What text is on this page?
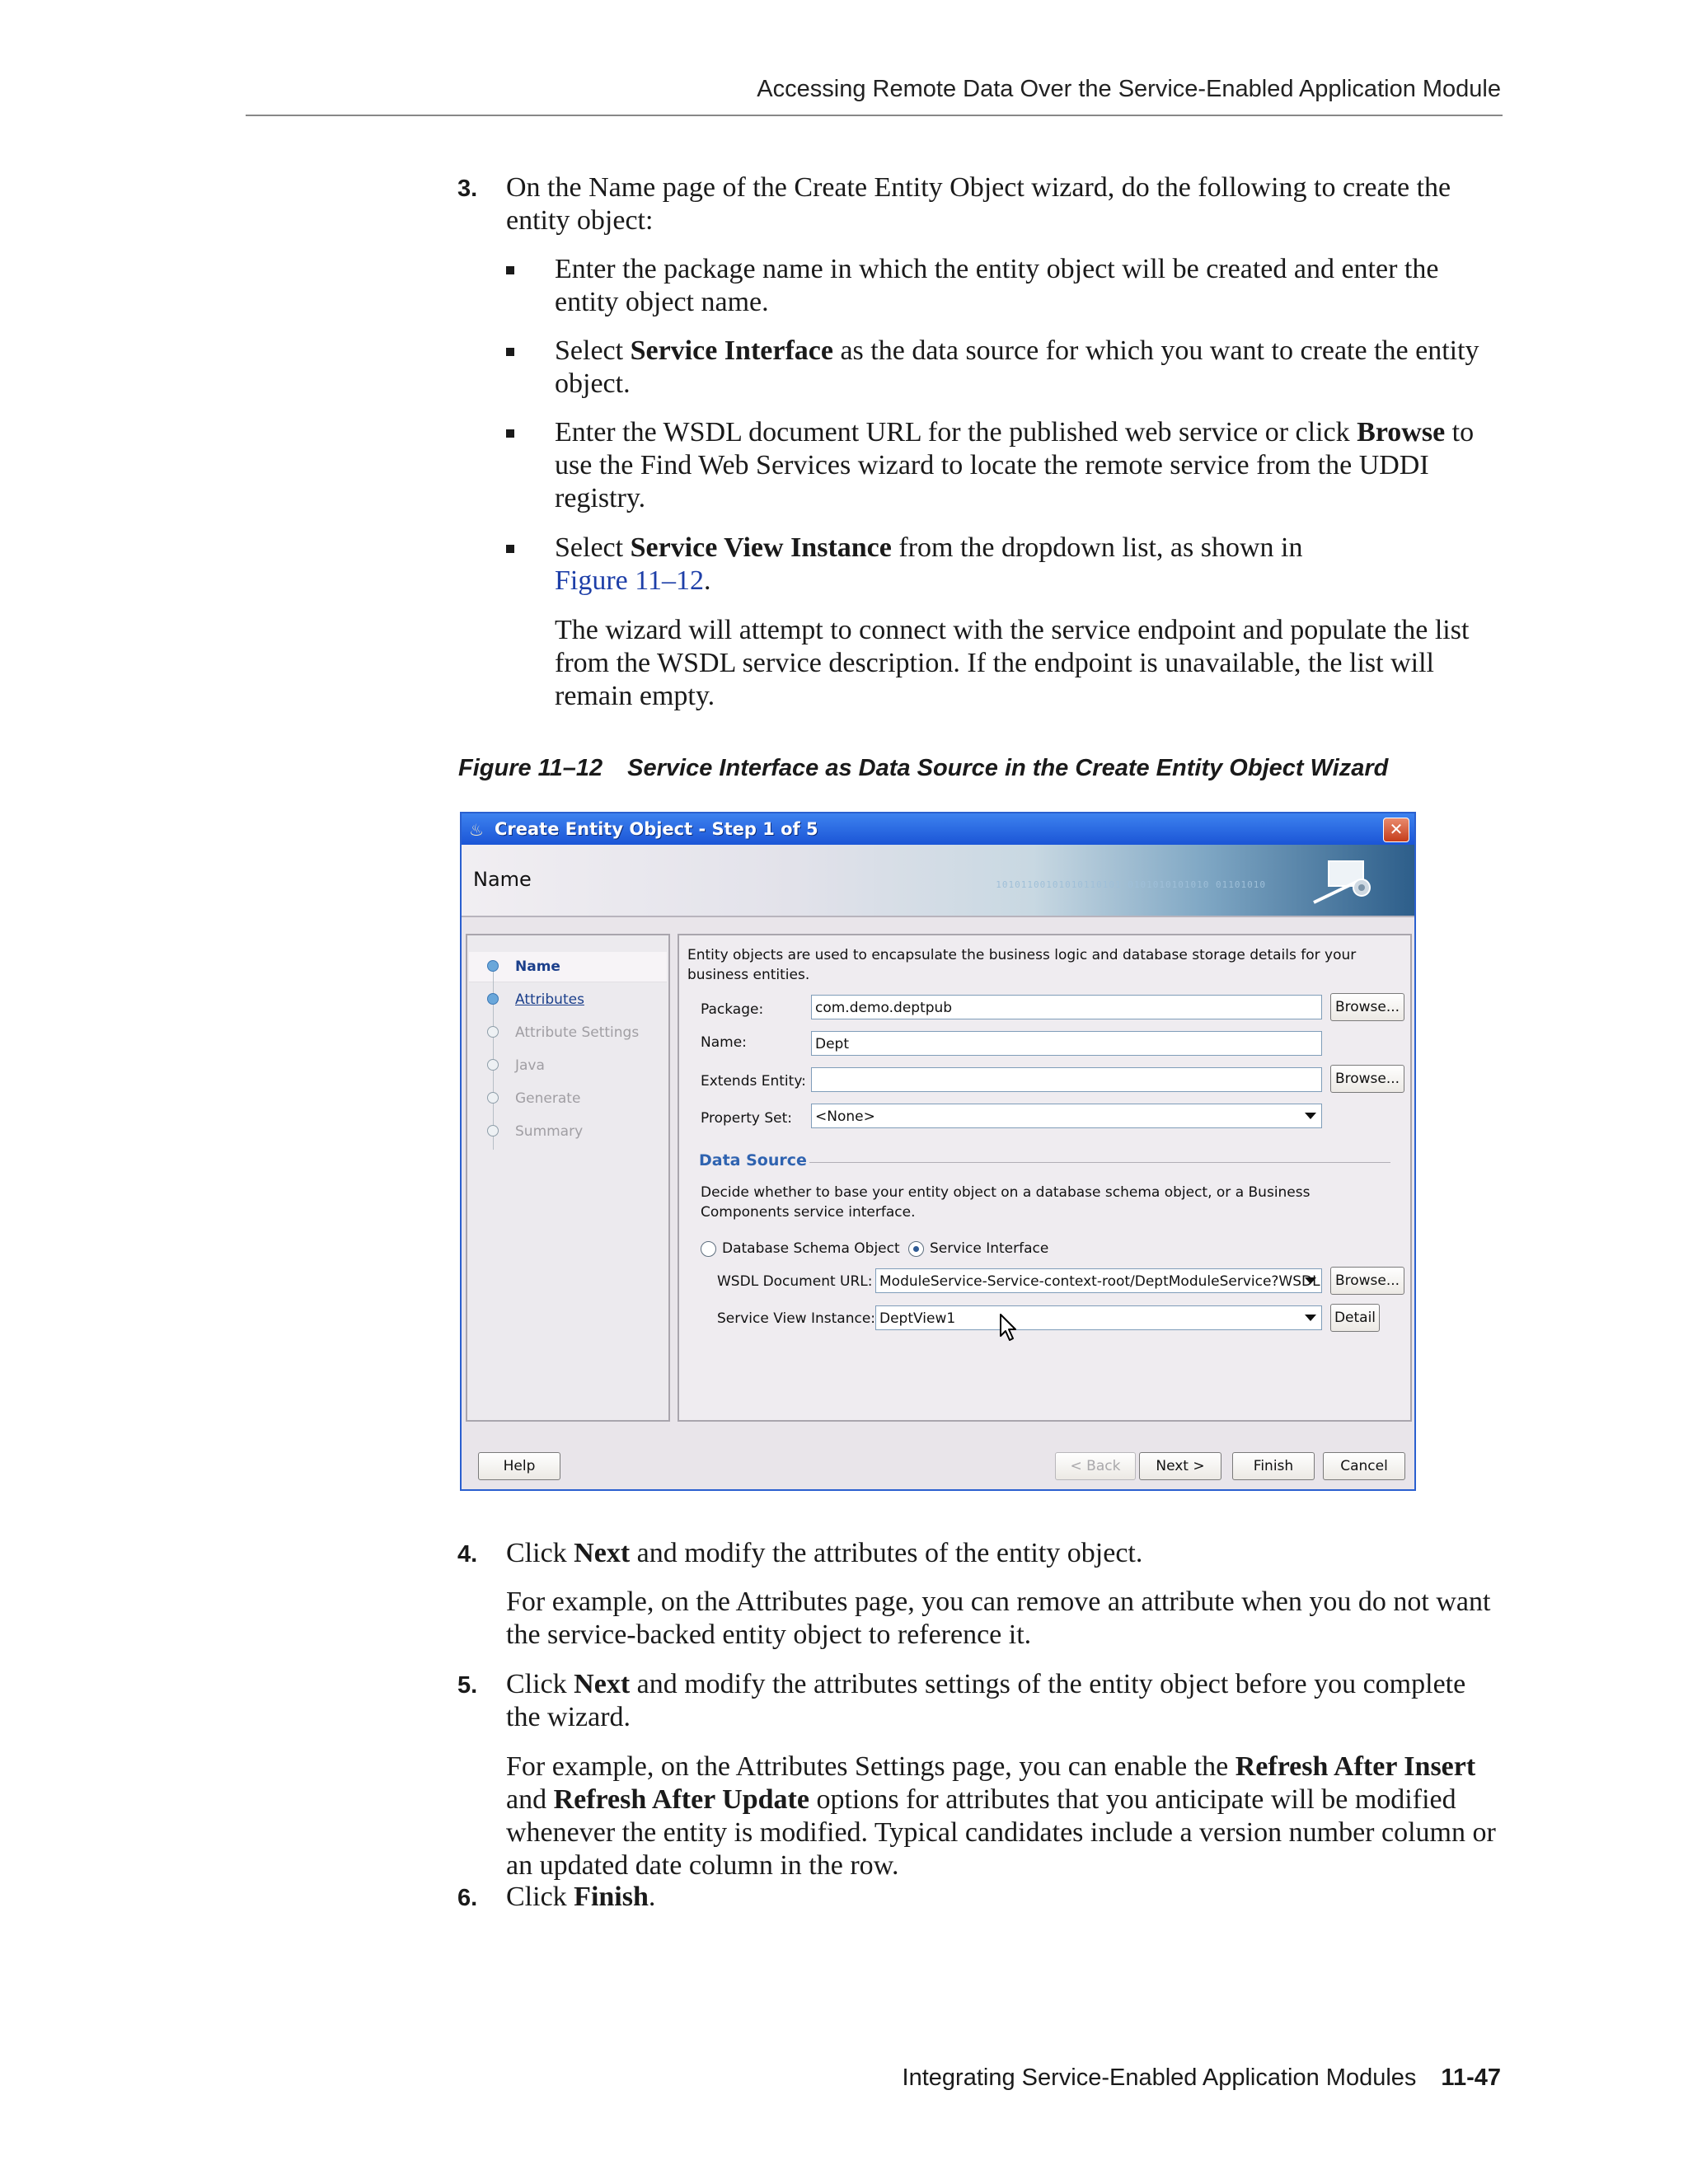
Accessing Remote Data Over the Service-Enabled Application Module
3. On the Name page of the Create Entity Object wizard, do the following to create the entity object:
Enter the package name in which the entity object will be created and enter the entity object name.
Select Service Interface as the data source for which you want to create the entity object.
Enter the WSDL document URL for the published web service or click Browse to use the Find Web Services wizard to locate the remote service from the UDDI registry.
Select Service View Instance from the dropdown list, as shown in
Figure 11–12.
The wizard will attempt to connect with the service endpoint and populate the list from the WSDL service description. If the endpoint is unavailable, the list will remain empty.
Figure 11–12 Service Interface as Data Source in the Create Entity Object Wizard
♨ Create Entity Object - Step 1 of 5	✕
Name	10101100101010110101 0101010101010 01101010
Name
Attributes
Attribute Settings
Java
Generate
Summary
Entity objects are used to encapsulate the business logic and database storage details for your business entities.
Package:	com.demo.deptpub	Browse...
Name:	Dept
Extends Entity:	Browse...
Property Set: <None>
Data Source
Decide whether to base your entity object on a database schema object, or a Business Components service interface.
Database Schema Object Service Interface
WSDL Document URL: ModuleService-Service-context-root/DeptModuleService?WSDL	Browse...
Service View Instance: DeptView1	Detail
Help	< Back	Next >	Finish	Cancel
4. Click Next and modify the attributes of the entity object.
For example, on the Attributes page, you can remove an attribute when you do not want the service-backed entity object to reference it.
5. Click Next and modify the attributes settings of the entity object before you complete the wizard.
For example, on the Attributes Settings page, you can enable the Refresh After Insert and Refresh After Update options for attributes that you anticipate will be modified whenever the entity is modified. Typical candidates include a version number column or an updated date column in the row.
6. Click Finish.
Integrating Service-Enabled Application Modules 11-47
